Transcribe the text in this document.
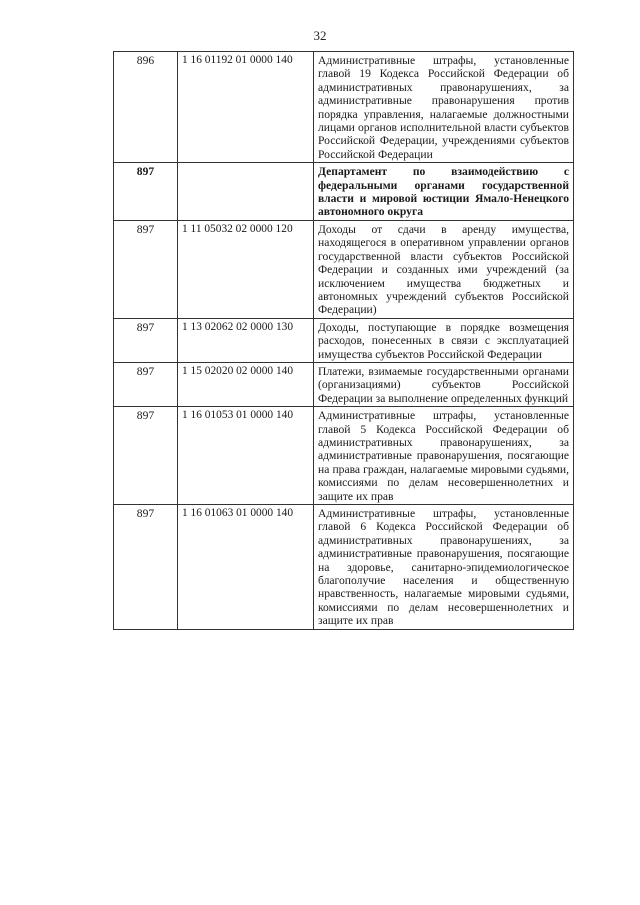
32
896	1 16 01192 01 0000 140	Административные штрафы, установленные главой 19 Кодекса Российской Федерации об административных правонарушениях, за административные правонарушения против порядка управления, налагаемые должностными лицами органов исполнительной власти субъектов Российской Федерации, учреждениями субъектов Российской Федерации
897		Департамент по взаимодействию с федеральными органами государственной власти и мировой юстиции Ямало-Ненецкого автономного округа
897	1 11 05032 02 0000 120	Доходы от сдачи в аренду имущества, находящегося в оперативном управлении органов государственной власти субъектов Российской Федерации и созданных ими учреждений (за исключением имущества бюджетных и автономных учреждений субъектов Российской Федерации)
897	1 13 02062 02 0000 130	Доходы, поступающие в порядке возмещения расходов, понесенных в связи с эксплуатацией имущества субъектов Российской Федерации
897	1 15 02020 02 0000 140	Платежи, взимаемые государственными органами (организациями) субъектов Российской Федерации за выполнение определенных функций
897	1 16 01053 01 0000 140	Административные штрафы, установленные главой 5 Кодекса Российской Федерации об административных правонарушениях, за административные правонарушения, посягающие на права граждан, налагаемые мировыми судьями, комиссиями по делам несовершеннолетних и защите их прав
897	1 16 01063 01 0000 140	Административные штрафы, установленные главой 6 Кодекса Российской Федерации об административных правонарушениях, за административные правонарушения, посягающие на здоровье, санитарно-эпидемиологическое благополучие населения и общественную нравственность, налагаемые мировыми судьями, комиссиями по делам несовершеннолетних и защите их прав
